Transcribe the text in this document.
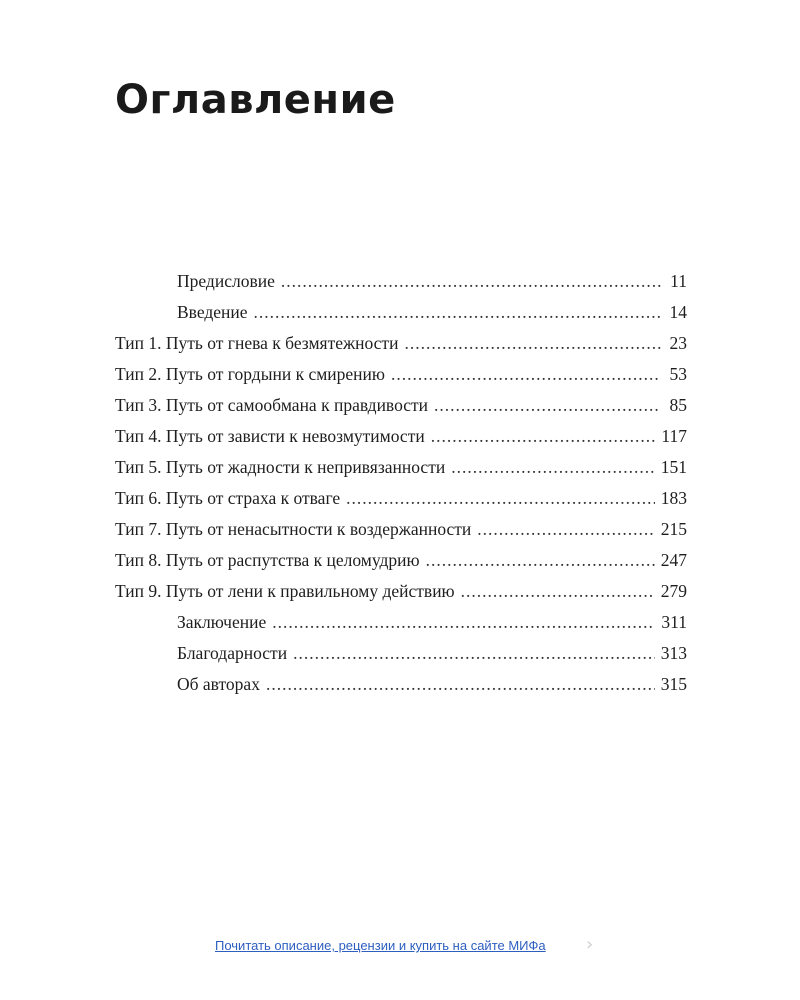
Оглавление
Предисловие .....	11
Введение .....	14
Тип 1. Путь от гнева к безмятежности .....	23
Тип 2. Путь от гордыни к смирению .....	53
Тип 3. Путь от самообмана к правдивости .....	85
Тип 4. Путь от зависти к невозмутимости .....	117
Тип 5. Путь от жадности к непривязанности .....	151
Тип 6. Путь от страха к отваге .....	183
Тип 7. Путь от ненасытности к воздержанности .....	215
Тип 8. Путь от распутства к целомудрию .....	247
Тип 9. Путь от лени к правильному действию .....	279
Заключение .....	311
Благодарности .....	313
Об авторах .....	315
Почитать описание, рецензии и купить на сайте МИФа ›
